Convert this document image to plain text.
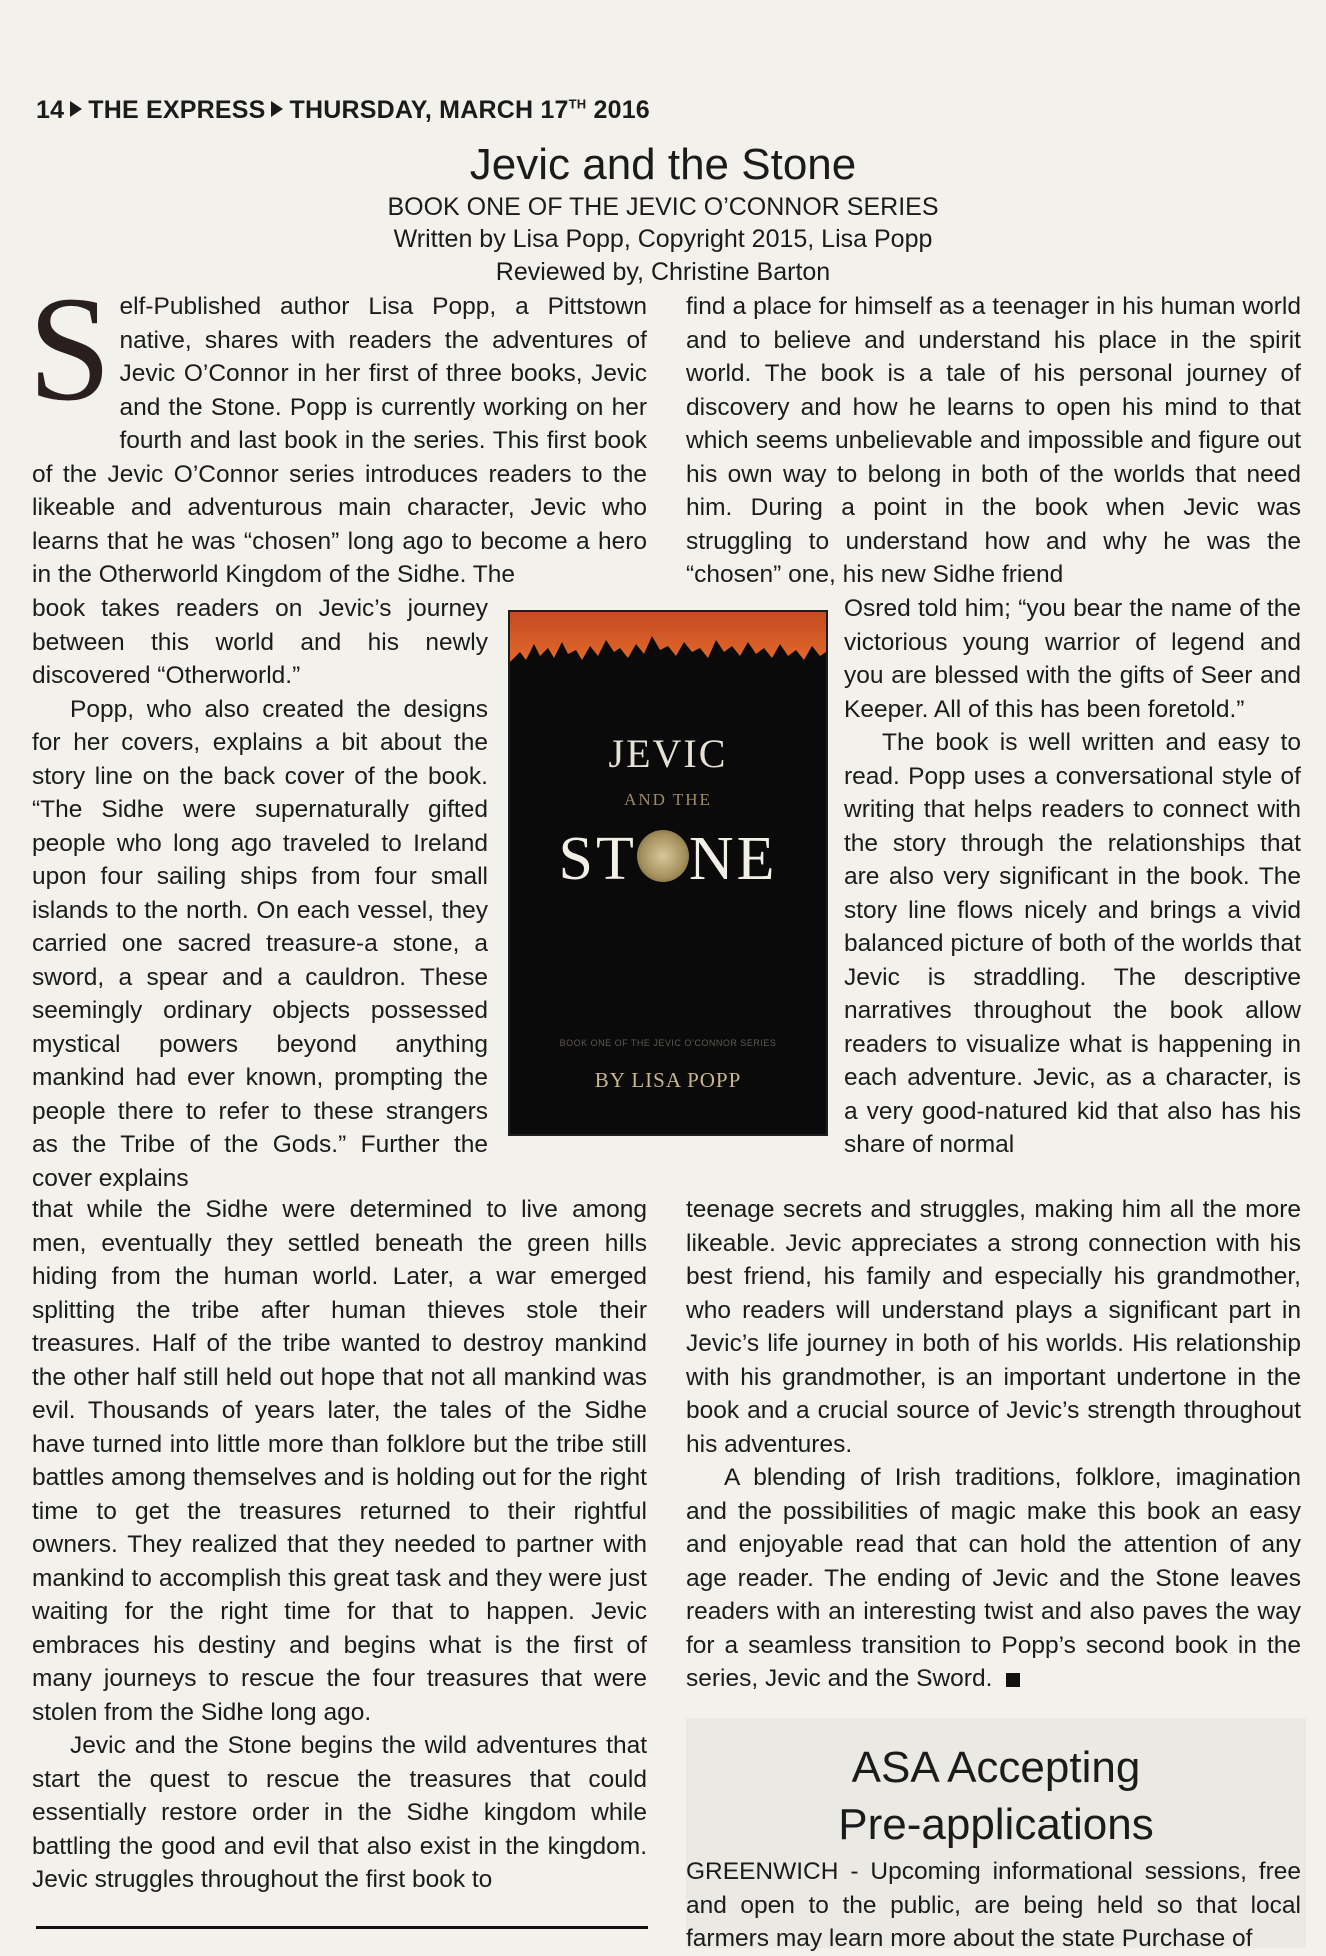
14 THE EXPRESS THURSDAY, MARCH 17TH 2016
Jevic and the Stone
BOOK ONE OF THE JEVIC O’CONNOR SERIES
Written by Lisa Popp, Copyright 2015, Lisa Popp
Reviewed by, Christine Barton

Self-Published author Lisa Popp, a Pittstown native, shares with readers the adventures of Jevic O’Connor in her first of three books, Jevic and the Stone. Popp is currently working on her fourth and last book in the series. This first book of the Jevic O’Connor series introduces readers to the likeable and adventurous main character, Jevic who learns that he was “chosen” long ago to become a hero in the Otherworld Kingdom of the Sidhe. The

book takes readers on Jevic’s journey between this world and his newly discovered “Otherworld.”

Popp, who also created the designs for her covers, explains a bit about the story line on the back cover of the book. “The Sidhe were supernaturally gifted people who long ago traveled to Ireland upon four sailing ships from four small islands to the north. On each vessel, they carried one sacred treasure-a stone, a sword, a spear and a cauldron. These seemingly ordinary objects possessed mystical powers beyond anything mankind had ever known, prompting the people there to refer to these strangers as the Tribe of the Gods.” Further the cover explains

that while the Sidhe were determined to live among men, eventually they settled beneath the green hills hiding from the human world. Later, a war emerged splitting the tribe after human thieves stole their treasures. Half of the tribe wanted to destroy mankind the other half still held out hope that not all mankind was evil. Thousands of years later, the tales of the Sidhe have turned into little more than folklore but the tribe still battles among themselves and is holding out for the right time to get the treasures returned to their rightful owners. They realized that they needed to partner with mankind to accomplish this great task and they were just waiting for the right time for that to happen. Jevic embraces his destiny and begins what is the first of many journeys to rescue the four treasures that were stolen from the Sidhe long ago.

Jevic and the Stone begins the wild adventures that start the quest to rescue the treasures that could essentially restore order in the Sidhe kingdom while battling the good and evil that also exist in the kingdom. Jevic struggles throughout the first book to

find a place for himself as a teenager in his human world and to believe and understand his place in the spirit world. The book is a tale of his personal journey of discovery and how he learns to open his mind to that which seems unbelievable and impossible and figure out his own way to belong in both of the worlds that need him. During a point in the book when Jevic was struggling to understand how and why he was the “chosen” one, his new Sidhe friend

Osred told him; “you bear the name of the victorious young warrior of legend and you are blessed with the gifts of Seer and Keeper. All of this has been foretold.”

The book is well written and easy to read. Popp uses a conversational style of writing that helps readers to connect with the story through the relationships that are also very significant in the book. The story line flows nicely and brings a vivid balanced picture of both of the worlds that Jevic is straddling. The descriptive narratives throughout the book allow readers to visualize what is happening in each adventure. Jevic, as a character, is a very good-natured kid that also has his share of normal

teenage secrets and struggles, making him all the more likeable. Jevic appreciates a strong connection with his best friend, his family and especially his grandmother, who readers will understand plays a significant part in Jevic’s life journey in both of his worlds. His relationship with his grandmother, is an important undertone in the book and a crucial source of Jevic’s strength throughout his adventures.

A blending of Irish traditions, folklore, imagination and the possibilities of magic make this book an easy and enjoyable read that can hold the attention of any age reader. The ending of Jevic and the Stone leaves readers with an interesting twist and also paves the way for a seamless transition to Popp’s second book in the series, Jevic and the Sword.

JEVIC
AND THE
ST NE
BOOK ONE OF THE JEVIC O’CONNOR SERIES
BY LISA POPP
ASA Accepting
Pre-applications
GREENWICH - Upcoming informational sessions, free and open to the public, are being held so that local farmers may learn more about the state Purchase of
